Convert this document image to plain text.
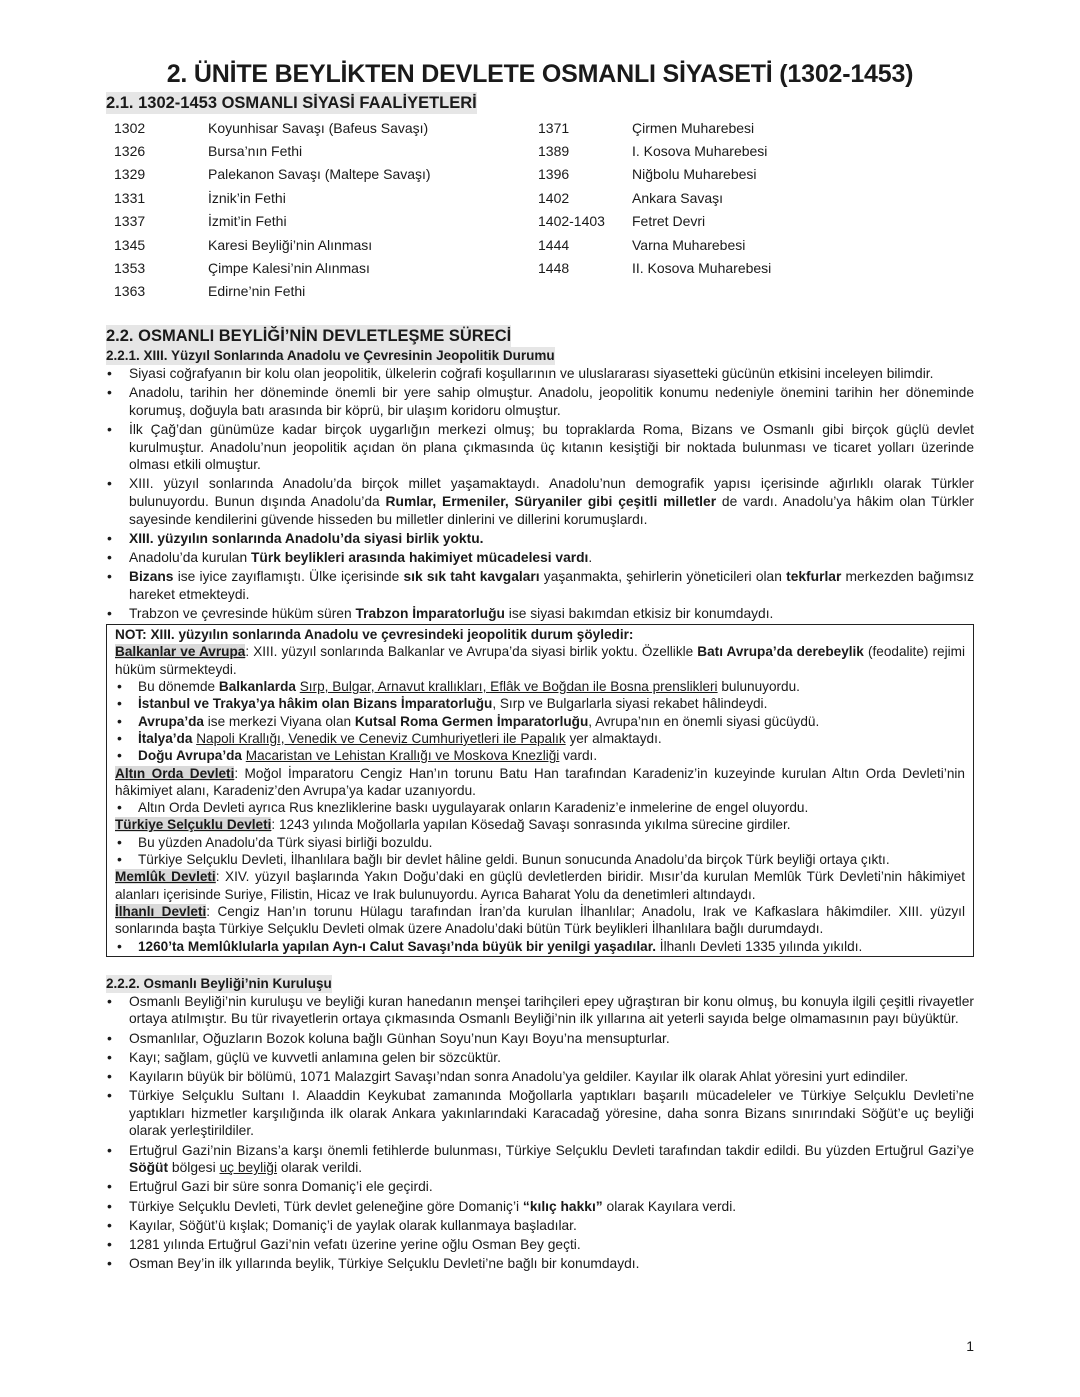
2. ÜNİTE BEYLİKTEN DEVLETE OSMANLI SİYASETİ (1302-1453)
2.1. 1302-1453 OSMANLI SİYASİ FAALİYETLERİ
1302	Koyunhisar Savaşı (Bafeus Savaşı)	1371	Çirmen Muharebesi
1326	Bursa’nın Fethi	1389	I. Kosova Muharebesi
1329	Palekanon Savaşı (Maltepe Savaşı)	1396	Niğbolu Muharebesi
1331	İznik’in Fethi	1402	Ankara Savaşı
1337	İzmit’in Fethi	1402-1403	Fetret Devri
1345	Karesi Beyliği’nin Alınması	1444	Varna Muharebesi
1353	Çimpe Kalesi’nin Alınması	1448	II. Kosova Muharebesi
1363	Edirne’nin Fethi		
2.2. OSMANLI BEYLİĞİ’NİN DEVLETLEŞME SÜRECİ
2.2.1. XIII. Yüzyıl Sonlarında Anadolu ve Çevresinin Jeopolitik Durumu
• Siyasi coğrafyanın bir kolu olan jeopolitik, ülkelerin coğrafi koşullarının ve uluslararası siyasetteki gücünün etkisini inceleyen bilimdir.
• Anadolu, tarihin her döneminde önemli bir yere sahip olmuştur. Anadolu, jeopolitik konumu nedeniyle önemini tarihin her döneminde korumuş, doğuyla batı arasında bir köprü, bir ulaşım koridoru olmuştur.
• İlk Çağ’dan günümüze kadar birçok uygarlığın merkezi olmuş; bu topraklarda Roma, Bizans ve Osmanlı gibi birçok güçlü devlet kurulmuştur. Anadolu’nun jeopolitik açıdan ön plana çıkmasında üç kıtanın kesiştiği bir noktada bulunması ve ticaret yolları üzerinde olması etkili olmuştur.
• XIII. yüzyıl sonlarında Anadolu’da birçok millet yaşamaktaydı. Anadolu’nun demografik yapısı içerisinde ağırlıklı olarak Türkler bulunuyordu. Bunun dışında Anadolu’da Rumlar, Ermeniler, Süryaniler gibi çeşitli milletler de vardı. Anadolu’ya hâkim olan Türkler sayesinde kendilerini güvende hisseden bu milletler dinlerini ve dillerini korumuşlardı.
• XIII. yüzyılın sonlarında Anadolu’da siyasi birlik yoktu.
• Anadolu’da kurulan Türk beylikleri arasında hakimiyet mücadelesi vardı.
• Bizans ise iyice zayıflamıştı. Ülke içerisinde sık sık taht kavgaları yaşanmakta, şehirlerin yöneticileri olan tekfurlar merkezden bağımsız hareket etmekteydi.
• Trabzon ve çevresinde hüküm süren Trabzon İmparatorluğu ise siyasi bakımdan etkisiz bir konumdaydı.

NOT: XIII. yüzyılın sonlarında Anadolu ve çevresindeki jeopolitik durum şöyledir:

Balkanlar ve Avrupa: XIII. yüzyıl sonlarında Balkanlar ve Avrupa’da siyasi birlik yoktu. Özellikle Batı Avrupa’da derebeylik (feodalite) rejimi hüküm sürmekteydi.

• Bu dönemde Balkanlarda Sırp, Bulgar, Arnavut krallıkları, Eflâk ve Boğdan ile Bosna prenslikleri bulunuyordu.
• İstanbul ve Trakya’ya hâkim olan Bizans İmparatorluğu, Sırp ve Bulgarlarla siyasi rekabet hâlindeydi.
• Avrupa’da ise merkezi Viyana olan Kutsal Roma Germen İmparatorluğu, Avrupa’nın en önemli siyasi gücüydü.
• İtalya’da Napoli Krallığı, Venedik ve Ceneviz Cumhuriyetleri ile Papalık yer almaktaydı.
• Doğu Avrupa’da Macaristan ve Lehistan Krallığı ve Moskova Knezliği vardı.

Altın Orda Devleti: Moğol İmparatoru Cengiz Han’ın torunu Batu Han tarafından Karadeniz’in kuzeyinde kurulan Altın Orda Devleti’nin hâkimiyet alanı, Karadeniz’den Avrupa’ya kadar uzanıyordu.

• Altın Orda Devleti ayrıca Rus knezliklerine baskı uygulayarak onların Karadeniz’e inmelerine de engel oluyordu.

Türkiye Selçuklu Devleti: 1243 yılında Moğollarla yapılan Kösedağ Savaşı sonrasında yıkılma sürecine girdiler.

• Bu yüzden Anadolu’da Türk siyasi birliği bozuldu.
• Türkiye Selçuklu Devleti, İlhanlılara bağlı bir devlet hâline geldi. Bunun sonucunda Anadolu’da birçok Türk beyliği ortaya çıktı.

Memlûk Devleti: XIV. yüzyıl başlarında Yakın Doğu’daki en güçlü devletlerden biridir. Mısır’da kurulan Memlûk Türk Devleti’nin hâkimiyet alanları içerisinde Suriye, Filistin, Hicaz ve Irak bulunuyordu. Ayrıca Baharat Yolu da denetimleri altındaydı.

İlhanlı Devleti: Cengiz Han’ın torunu Hülagu tarafından İran’da kurulan İlhanlılar; Anadolu, Irak ve Kafkaslara hâkimdiler. XIII. yüzyıl sonlarında başta Türkiye Selçuklu Devleti olmak üzere Anadolu’daki bütün Türk beylikleri İlhanlılara bağlı durumdaydı.

• 1260’ta Memlûklularla yapılan Ayn-ı Calut Savaşı’nda büyük bir yenilgi yaşadılar. İlhanlı Devleti 1335 yılında yıkıldı.
2.2.2. Osmanlı Beyliği’nin Kuruluşu
• Osmanlı Beyliği’nin kuruluşu ve beyliği kuran hanedanın menşei tarihçileri epey uğraştıran bir konu olmuş, bu konuyla ilgili çeşitli rivayetler ortaya atılmıştır. Bu tür rivayetlerin ortaya çıkmasında Osmanlı Beyliği’nin ilk yıllarına ait yeterli sayıda belge olmamasının payı büyüktür.
• Osmanlılar, Oğuzların Bozok koluna bağlı Günhan Soyu’nun Kayı Boyu’na mensupturlar.
• Kayı; sağlam, güçlü ve kuvvetli anlamına gelen bir sözcüktür.
• Kayıların büyük bir bölümü, 1071 Malazgirt Savaşı’ndan sonra Anadolu’ya geldiler. Kayılar ilk olarak Ahlat yöresini yurt edindiler.
• Türkiye Selçuklu Sultanı I. Alaaddin Keykubat zamanında Moğollarla yaptıkları başarılı mücadeleler ve Türkiye Selçuklu Devleti’ne yaptıkları hizmetler karşılığında ilk olarak Ankara yakınlarındaki Karacadağ yöresine, daha sonra Bizans sınırındaki Söğüt’e uç beyliği olarak yerleştirildiler.
• Ertuğrul Gazi’nin Bizans’a karşı önemli fetihlerde bulunması, Türkiye Selçuklu Devleti tarafından takdir edildi. Bu yüzden Ertuğrul Gazi’ye Söğüt bölgesi uç beyliği olarak verildi.
• Ertuğrul Gazi bir süre sonra Domaniç’i ele geçirdi.
• Türkiye Selçuklu Devleti, Türk devlet geleneğine göre Domaniç’i “kılıç hakkı” olarak Kayılara verdi.
• Kayılar, Söğüt’ü kışlak; Domaniç’i de yaylak olarak kullanmaya başladılar.
• 1281 yılında Ertuğrul Gazi’nin vefatı üzerine yerine oğlu Osman Bey geçti.
• Osman Bey’in ilk yıllarında beylik, Türkiye Selçuklu Devleti’ne bağlı bir konumdaydı.
1
